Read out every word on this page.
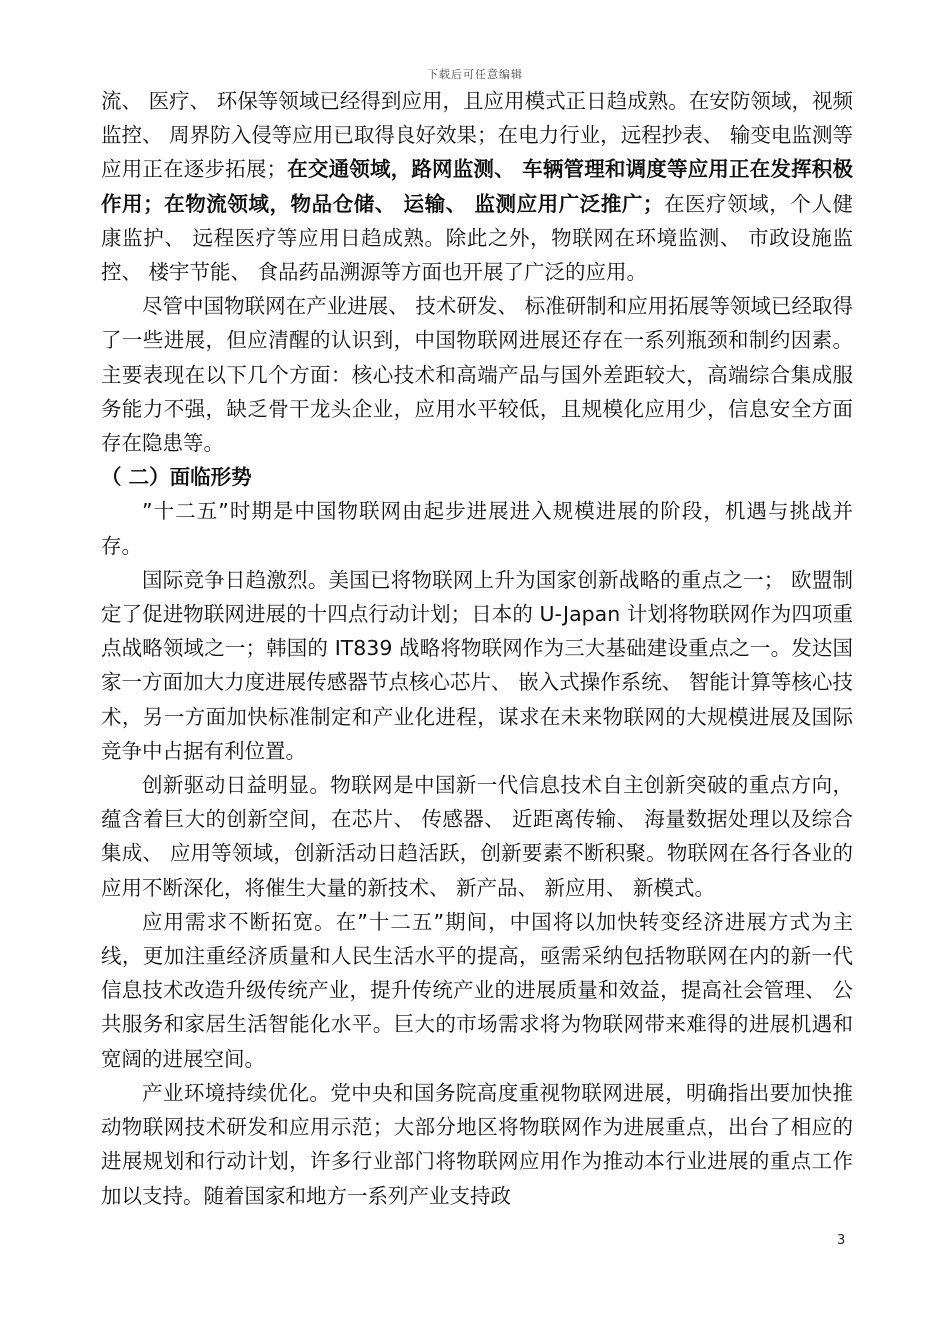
下载后可任意编辑

流、 医疗、 环保等领域已经得到应用，且应用模式正日趋成熟。在安防领域，视频监控、 周界防入侵等应用已取得良好效果；在电力行业，远程抄表、 输变电监测等应用正在逐步拓展；在交通领域，路网监测、 车辆管理和调度等应用正在发挥积极作用；在物流领域，物品仓储、 运输、 监测应用广泛推广；在医疗领域，个人健康监护、 远程医疗等应用日趋成熟。除此之外，物联网在环境监测、 市政设施监控、 楼宇节能、 食品药品溯源等方面也开展了广泛的应用。

尽管中国物联网在产业进展、 技术研发、 标准研制和应用拓展等领域已经取得了一些进展，但应清醒的认识到，中国物联网进展还存在一系列瓶颈和制约因素。主要表现在以下几个方面：核心技术和高端产品与国外差距较大，高端综合集成服务能力不强，缺乏骨干龙头企业，应用水平较低，且规模化应用少，信息安全方面存在隐患等。

（ 二）面临形势

”十二五”时期是中国物联网由起步进展进入规模进展的阶段，机遇与挑战并存。

国际竞争日趋激烈。美国已将物联网上升为国家创新战略的重点之一； 欧盟制定了促进物联网进展的十四点行动计划；日本的 U-Japan 计划将物联网作为四项重点战略领域之一；韩国的 IT839 战略将物联网作为三大基础建设重点之一。发达国家一方面加大力度进展传感器节点核心芯片、 嵌入式操作系统、 智能计算等核心技术，另一方面加快标准制定和产业化进程，谋求在未来物联网的大规模进展及国际竞争中占据有利位置。

创新驱动日益明显。物联网是中国新一代信息技术自主创新突破的重点方向，蕴含着巨大的创新空间，在芯片、 传感器、 近距离传输、 海量数据处理以及综合集成、 应用等领域，创新活动日趋活跃，创新要素不断积聚。物联网在各行各业的应用不断深化，将催生大量的新技术、 新产品、 新应用、 新模式。

应用需求不断拓宽。在”十二五”期间，中国将以加快转变经济进展方式为主线，更加注重经济质量和人民生活水平的提高，亟需采纳包括物联网在内的新一代信息技术改造升级传统产业，提升传统产业的进展质量和效益，提高社会管理、 公共服务和家居生活智能化水平。巨大的市场需求将为物联网带来难得的进展机遇和宽阔的进展空间。

产业环境持续优化。党中央和国务院高度重视物联网进展，明确指出要加快推动物联网技术研发和应用示范；大部分地区将物联网作为进展重点，出台了相应的进展规划和行动计划，许多行业部门将物联网应用作为推动本行业进展的重点工作加以支持。随着国家和地方一系列产业支持政

3
